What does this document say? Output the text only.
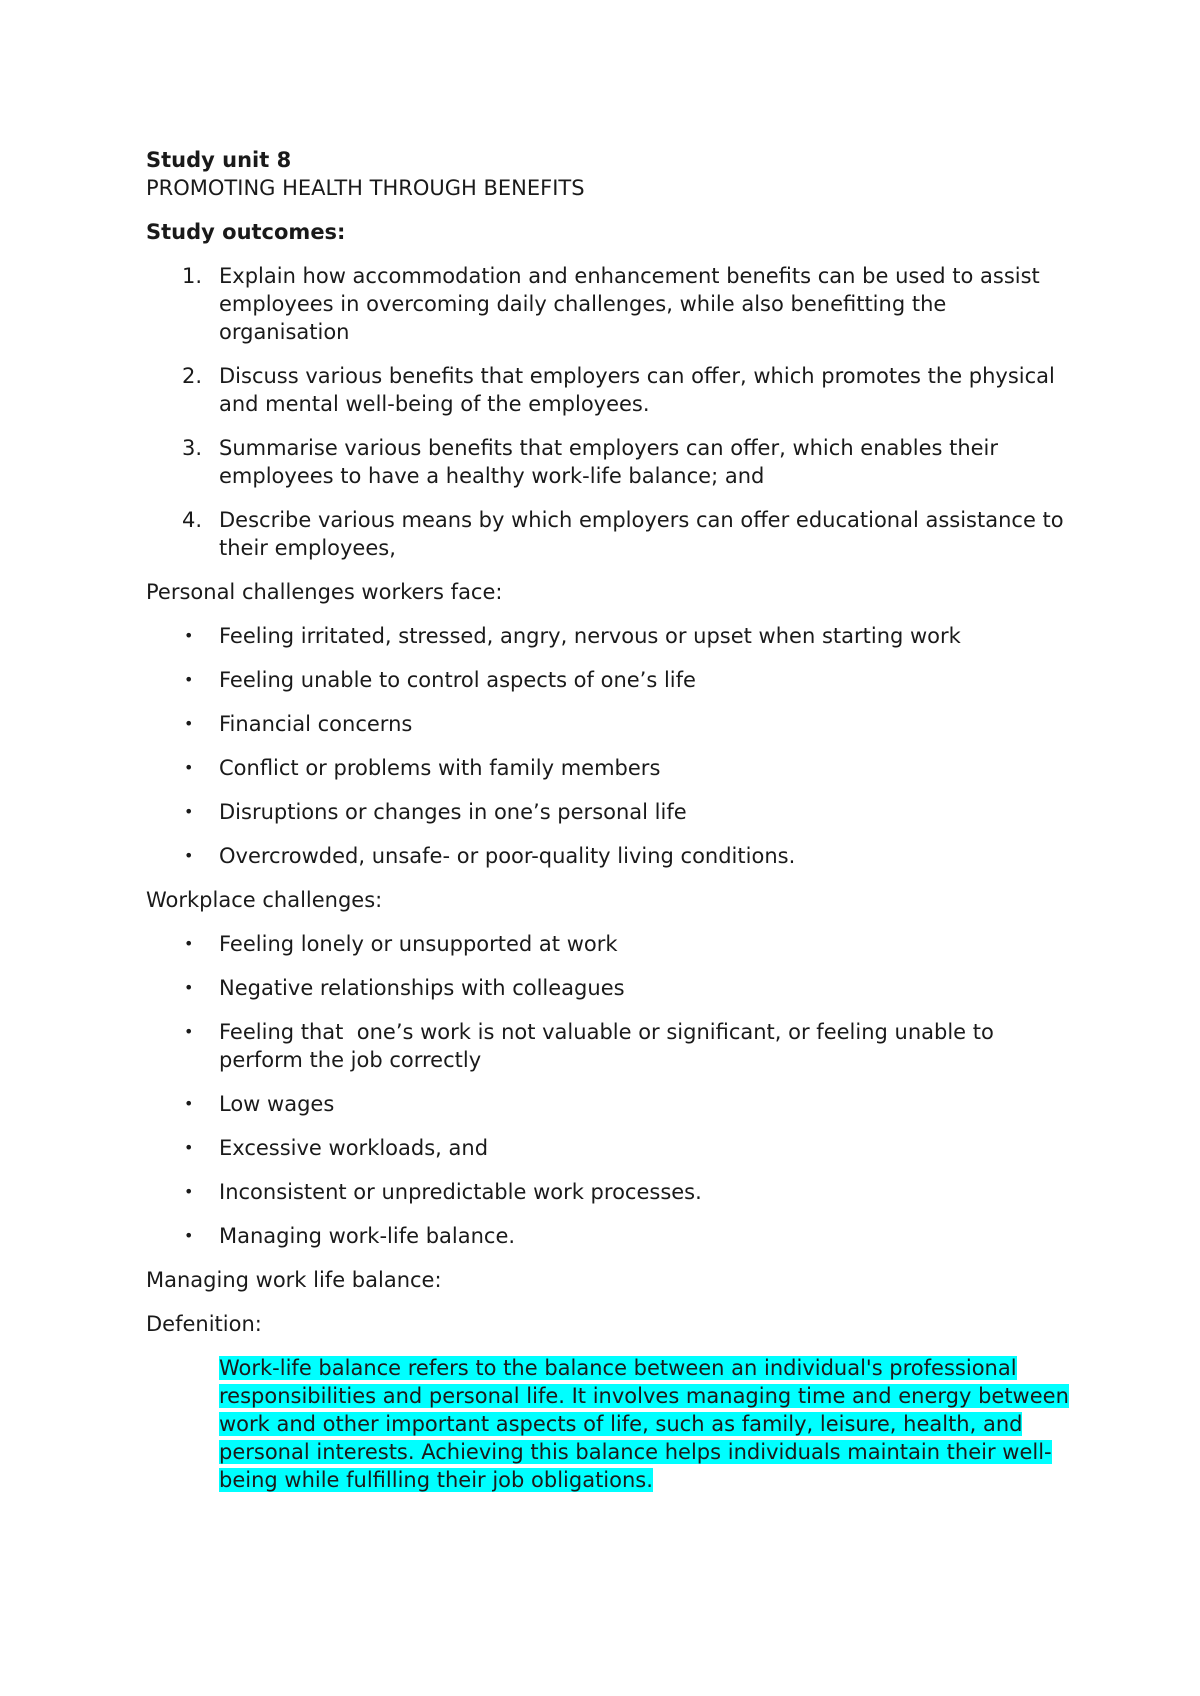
Study unit 8

PROMOTING HEALTH THROUGH BENEFITS

Study outcomes:

1. Explain how accommodation and enhancement benefits can be used to assist employees in overcoming daily challenges, while also benefitting the organisation
2. Discuss various benefits that employers can offer, which promotes the physical and mental well-being of the employees.
3. Summarise various benefits that employers can offer, which enables their employees to have a healthy work-life balance; and
4. Describe various means by which employers can offer educational assistance to their employees,

Personal challenges workers face:

• Feeling irritated, stressed, angry, nervous or upset when starting work
• Feeling unable to control aspects of one’s life
• Financial concerns
• Conflict or problems with family members
• Disruptions or changes in one’s personal life
• Overcrowded, unsafe- or poor-quality living conditions.

Workplace challenges:

• Feeling lonely or unsupported at work
• Negative relationships with colleagues
• Feeling that  one’s work is not valuable or significant, or feeling unable to perform the job correctly
• Low wages
• Excessive workloads, and
• Inconsistent or unpredictable work processes.
• Managing work-life balance.

Managing work life balance:

Defenition:

Work-life balance refers to the balance between an individual's professional responsibilities and personal life. It involves managing time and energy between work and other important aspects of life, such as family, leisure, health, and personal interests. Achieving this balance helps individuals maintain their well-being while fulfilling their job obligations.
